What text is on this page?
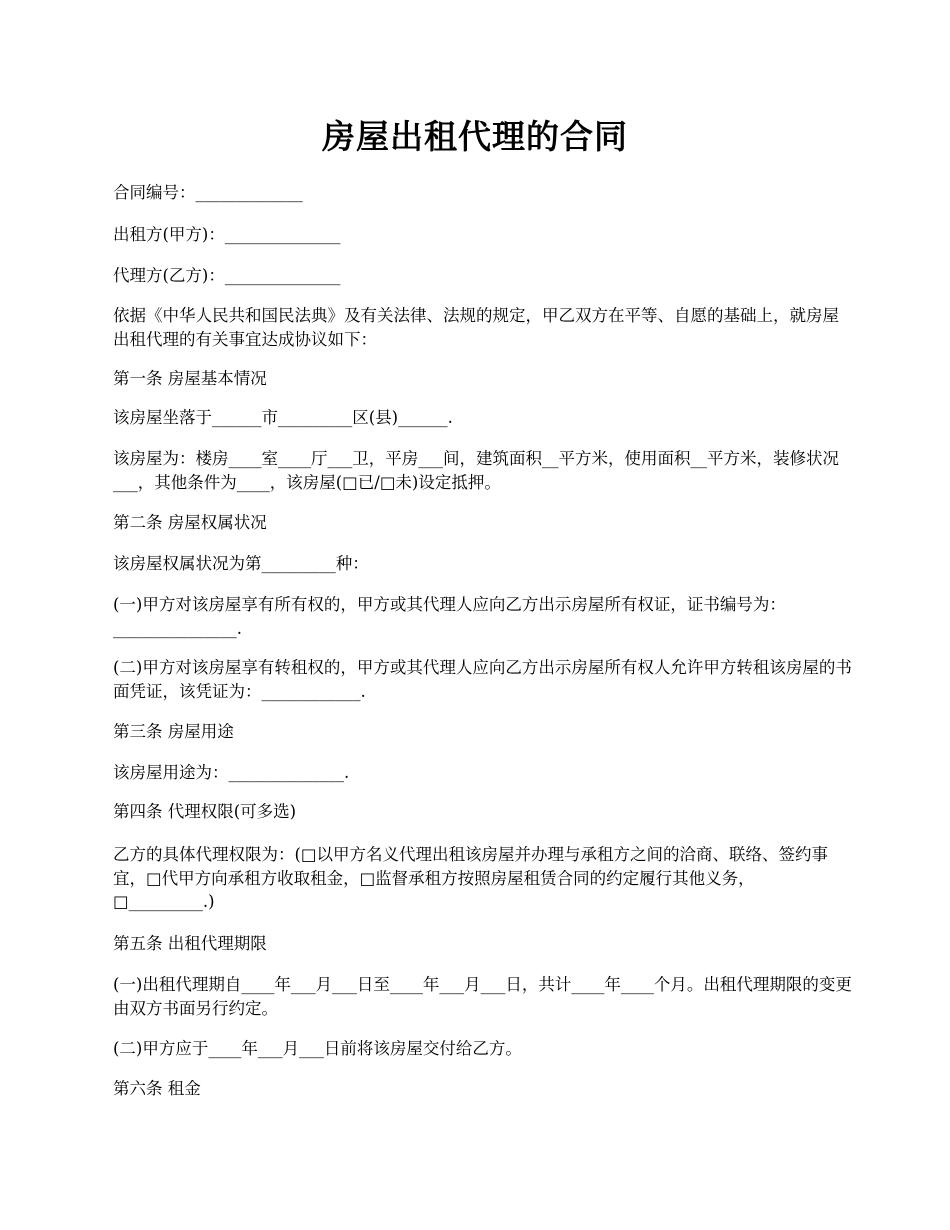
房屋出租代理的合同

合同编号：_____________

出租方(甲方)：______________

代理方(乙方)：______________

依据《中华人民共和国民法典》及有关法律、法规的规定，甲乙双方在平等、自愿的基础上，就房屋出租代理的有关事宜达成协议如下：

第一条 房屋基本情况

该房屋坐落于______市_________区(县)______.

该房屋为：楼房____室____厅___卫，平房___间，建筑面积__平方米，使用面积__平方米，装修状况___，其他条件为____，该房屋(□已/□未)设定抵押。

第二条 房屋权属状况

该房屋权属状况为第_________种：

(一)甲方对该房屋享有所有权的，甲方或其代理人应向乙方出示房屋所有权证，证书编号为：_______________.

(二)甲方对该房屋享有转租权的，甲方或其代理人应向乙方出示房屋所有权人允许甲方转租该房屋的书面凭证，该凭证为：____________.

第三条 房屋用途

该房屋用途为：______________.

第四条 代理权限(可多选)

乙方的具体代理权限为：(□以甲方名义代理出租该房屋并办理与承租方之间的洽商、联络、签约事宜，□代甲方向承租方收取租金，□监督承租方按照房屋租赁合同的约定履行其他义务，□_________.)

第五条 出租代理期限

(一)出租代理期自____年___月___日至____年___月___日，共计____年____个月。出租代理期限的变更由双方书面另行约定。

(二)甲方应于____年___月___日前将该房屋交付给乙方。

第六条 租金
